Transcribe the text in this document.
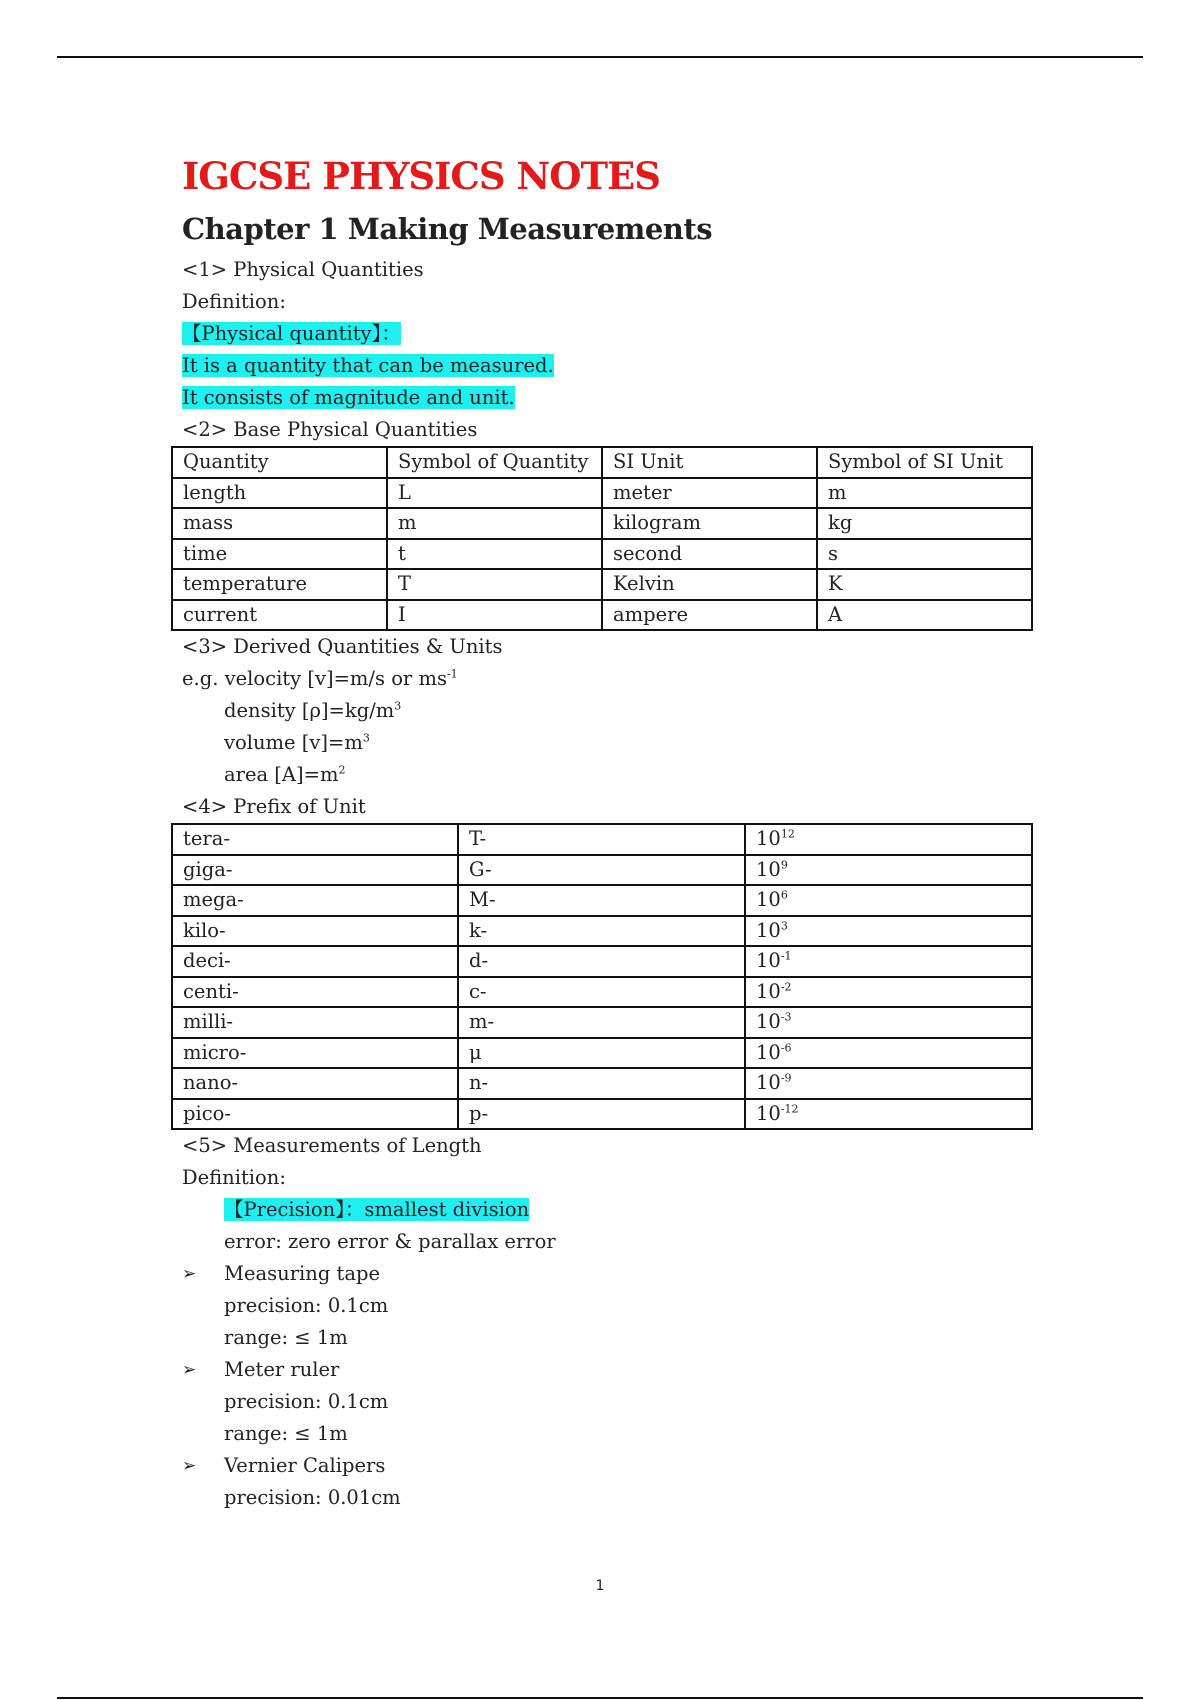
IGCSE PHYSICS NOTES
Chapter 1 Making Measurements
<1> Physical Quantities
Definition:
【Physical quantity】：
It is a quantity that can be measured.
It consists of magnitude and unit.
<2> Base Physical Quantities
Quantity	Symbol of Quantity	SI Unit	Symbol of SI Unit
length	L	meter	m
mass	m	kilogram	kg
time	t	second	s
temperature	T	Kelvin	K
current	I	ampere	A
<3> Derived Quantities & Units
e.g. velocity [v]=m/s or $ms^{-1}$
density $[\rho]=kg/m^3$
volume $[v]=m^3$
area $[A]=m^2$
<4> Prefix of Unit
tera-	T-	$10^{12}$
giga-	G-	$10^9$
mega-	M-	$10^6$
kilo-	k-	$10^3$
deci-	d-	$10^{-1}$
centi-	c-	$10^{-2}$
milli-	m-	$10^{-3}$
micro-	μ	$10^{-6}$
nano-	n-	$10^{-9}$
pico-	p-	$10^{-12}$
<5> Measurements of Length
Definition:
【Precision】：smallest division
error: zero error & parallax error
➢ Measuring tape
precision: 0.1cm
range: ≤ 1m
➢ Meter ruler
precision: 0.1cm
range: ≤ 1m
➢ Vernier Calipers
precision: 0.01cm
1
